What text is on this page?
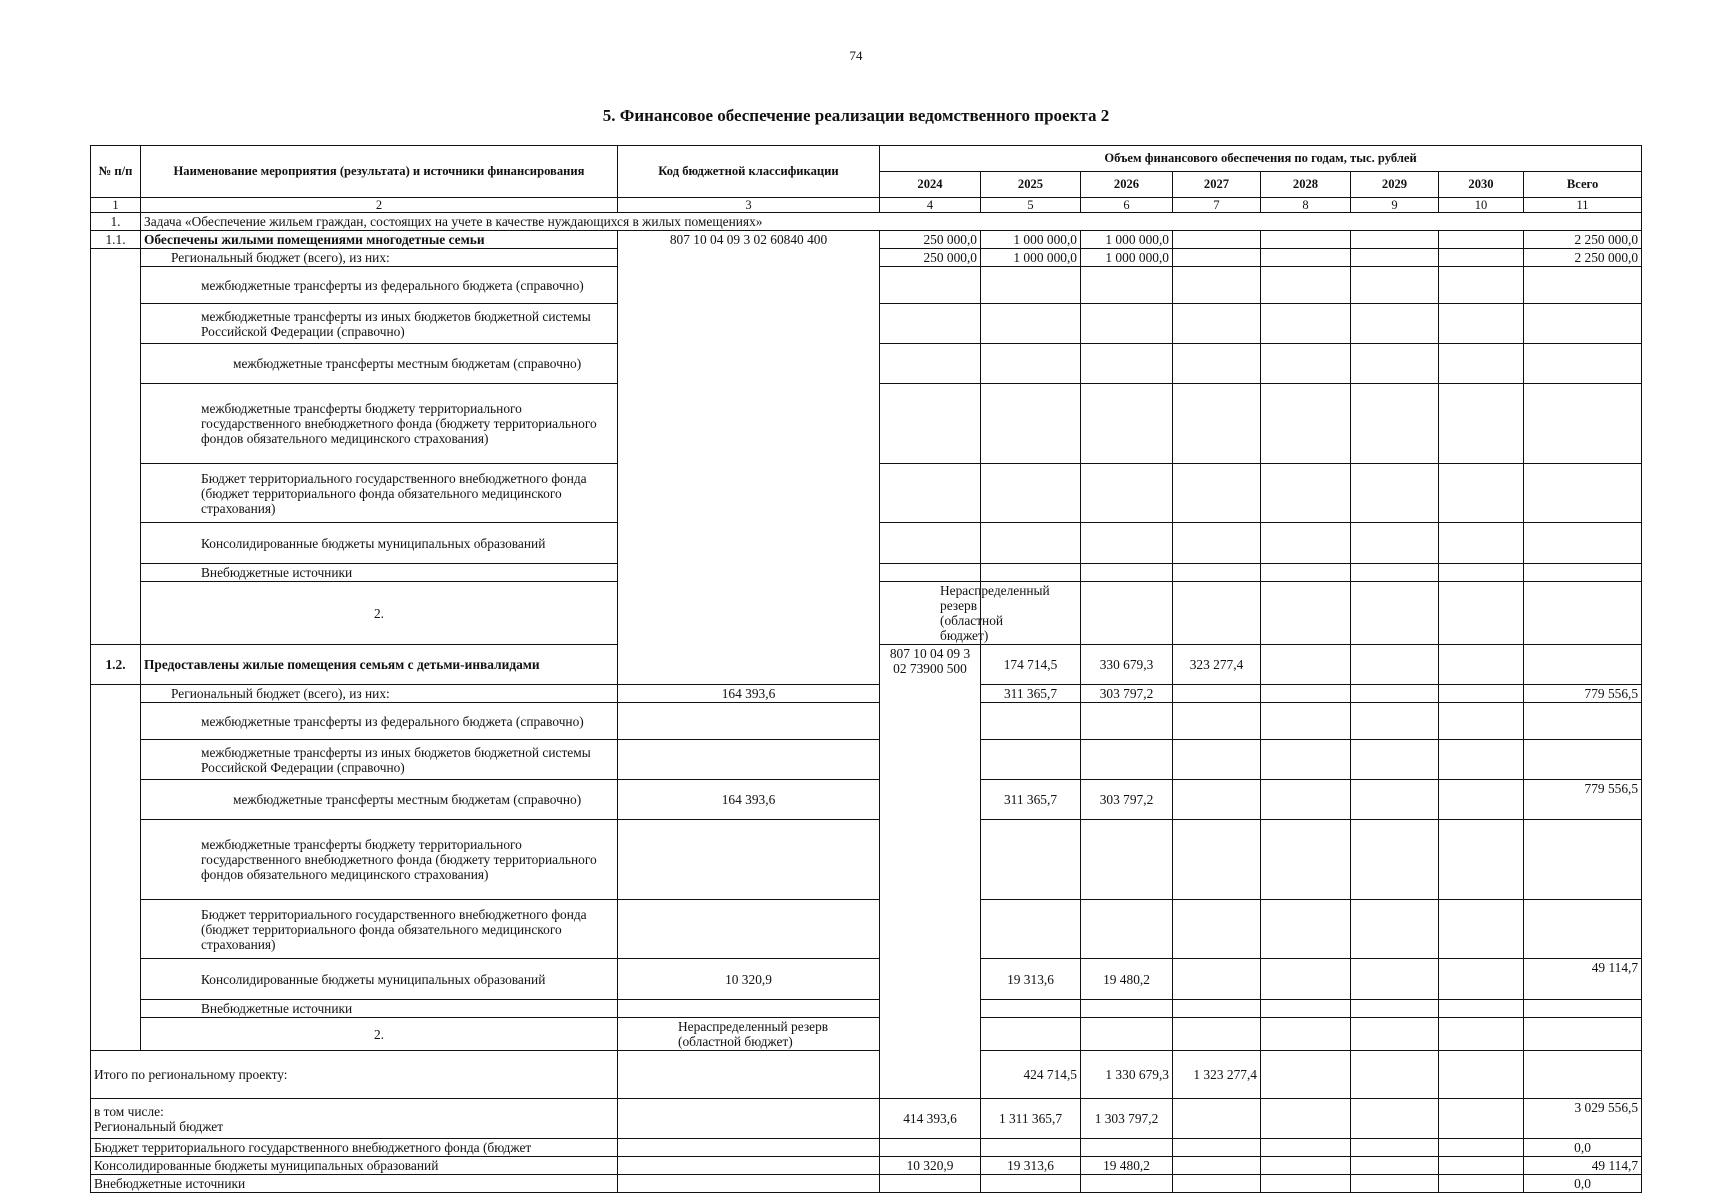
74
5. Финансовое обеспечение реализации ведомственного проекта 2
№ п/п	Наименование мероприятия (результата) и источники финансирования	Код бюджетной классификации	Объем финансового обеспечения по годам, тыс. рублей								
			2024	2025	2026	2027	2028	2029	2030	Всего	
1	2	3	4	5	6	7	8	9	10	11	
1.	Задача «Обеспечение жильем граждан, состоящих на учете в качестве нуждающихся в жилых помещениях»										
1.1.	Обеспечены жилыми помещениями многодетные семьи	807 10 04 09 3 02 60840 400	250 000,0	1 000 000,0	1 000 000,0					2 250 000,0	
	Региональный бюджет (всего), из них:		250 000,0	1 000 000,0	1 000 000,0					2 250 000,0	
	межбюджетные трансферты из федерального бюджета (справочно)										
	межбюджетные трансферты из иных бюджетов бюджетной системы Российской Федерации (справочно)										
	межбюджетные трансферты местным бюджетам (справочно)										
	межбюджетные трансферты бюджету территориального государственного внебюджетного фонда (бюджету территориального фондов обязательного медицинского страхования)										
	Бюджет территориального государственного внебюджетного фонда (бюджет территориального фонда обязательного медицинского страхования)										
	Консолидированные бюджеты муниципальных образований										
	Внебюджетные источники										
	2.		Нераспределенный резерв (областной бюджет)								
1.2.	Предоставлены жилые помещения семьям с детьми-инвалидами		807 10 04 09 3 02 73900 500	174 714,5	330 679,3	323 277,4					
	Региональный бюджет (всего), из них:	164 393,6		311 365,7	303 797,2					779 556,5	
	межбюджетные трансферты из федерального бюджета (справочно)										
	межбюджетные трансферты из иных бюджетов бюджетной системы Российской Федерации (справочно)										
	межбюджетные трансферты местным бюджетам (справочно)	164 393,6		311 365,7	303 797,2					779 556,5	
	межбюджетные трансферты бюджету территориального государственного внебюджетного фонда (бюджету территориального фондов обязательного медицинского страхования)										
	Бюджет территориального государственного внебюджетного фонда (бюджет территориального фонда обязательного медицинского страхования)										
	Консолидированные бюджеты муниципальных образований	10 320,9		19 313,6	19 480,2					49 114,7	
	Внебюджетные источники										
	2.	Нераспределенный резерв (областной бюджет)									
Итого по региональному проекту:				424 714,5	1 330 679,3	1 323 277,4					

в том числе:
Региональный бюджет			414 393,6	1 311 365,7	1 303 797,2					3 029 556,5	
Бюджет территориального государственного внебюджетного фонда (бюджет										0,0	
Консолидированные бюджеты муниципальных образований			10 320,9	19 313,6	19 480,2					49 114,7	
Внебюджетные источники										0,0	
